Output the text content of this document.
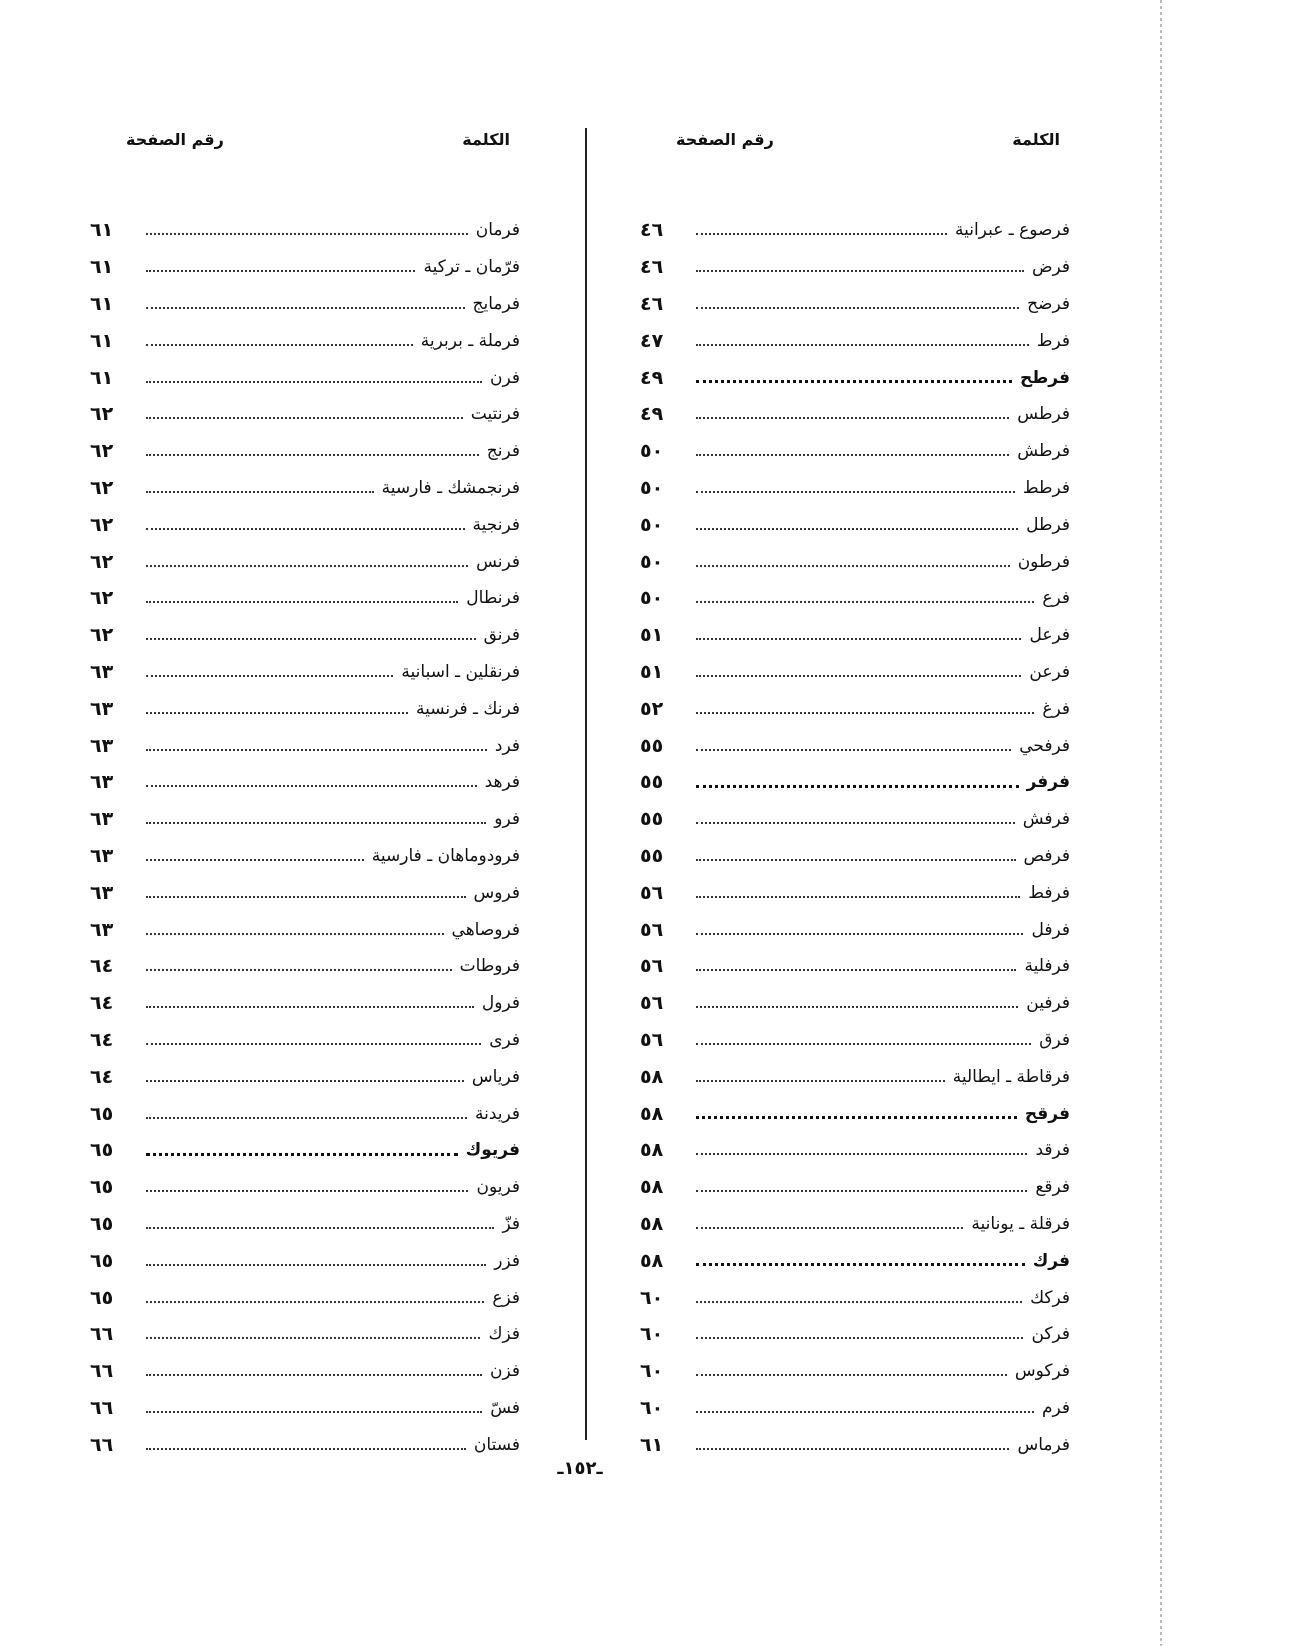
الكلمة
رقم الصفحة
فرصوع ـ عبرانية
٤٦
فرض
٤٦
فرضح
٤٦
فرط
٤٧
فرطح
٤٩
فرطس
٤٩
فرطش
٥٠
فرطط
٥٠
فرطل
٥٠
فرطون
٥٠
فرع
٥٠
فرعل
٥١
فرعن
٥١
فرغ
٥٢
فرفحي
٥٥
فرفر
٥٥
فرفش
٥٥
فرفص
٥٥
فرفط
٥٦
فرفل
٥٦
فرفلية
٥٦
فرفين
٥٦
فرق
٥٦
فرقاطة ـ ايطالية
٥٨
فرقح
٥٨
فرقد
٥٨
فرقع
٥٨
فرقلة ـ يونانية
٥٨
فرك
٥٨
فركك
٦٠
فركن
٦٠
فركوس
٦٠
فرم
٦٠
فرماس
٦١
الكلمة
رقم الصفحة
فرمان
٦١
فرّمان ـ تركية
٦١
فرمايج
٦١
فرملة ـ بربرية
٦١
فرن
٦١
فرنتيت
٦٢
فرنج
٦٢
فرنجمشك ـ فارسية
٦٢
فرنجية
٦٢
فرنس
٦٢
فرنطال
٦٢
فرنق
٦٢
فرنقلين ـ اسبانية
٦٣
فرنك ـ فرنسية
٦٣
فرد
٦٣
فرهد
٦٣
فرو
٦٣
فرودوماهان ـ فارسية
٦٣
فروس
٦٣
فروصاهي
٦٣
فروطات
٦٤
فرول
٦٤
فرى
٦٤
فرياس
٦٤
فريدنة
٦٥
فريوك
٦٥
فريون
٦٥
فزّ
٦٥
فزر
٦٥
فزع
٦٥
فزك
٦٦
فزن
٦٦
فسّ
٦٦
فستان
٦٦
ـ١٥٢ـ
